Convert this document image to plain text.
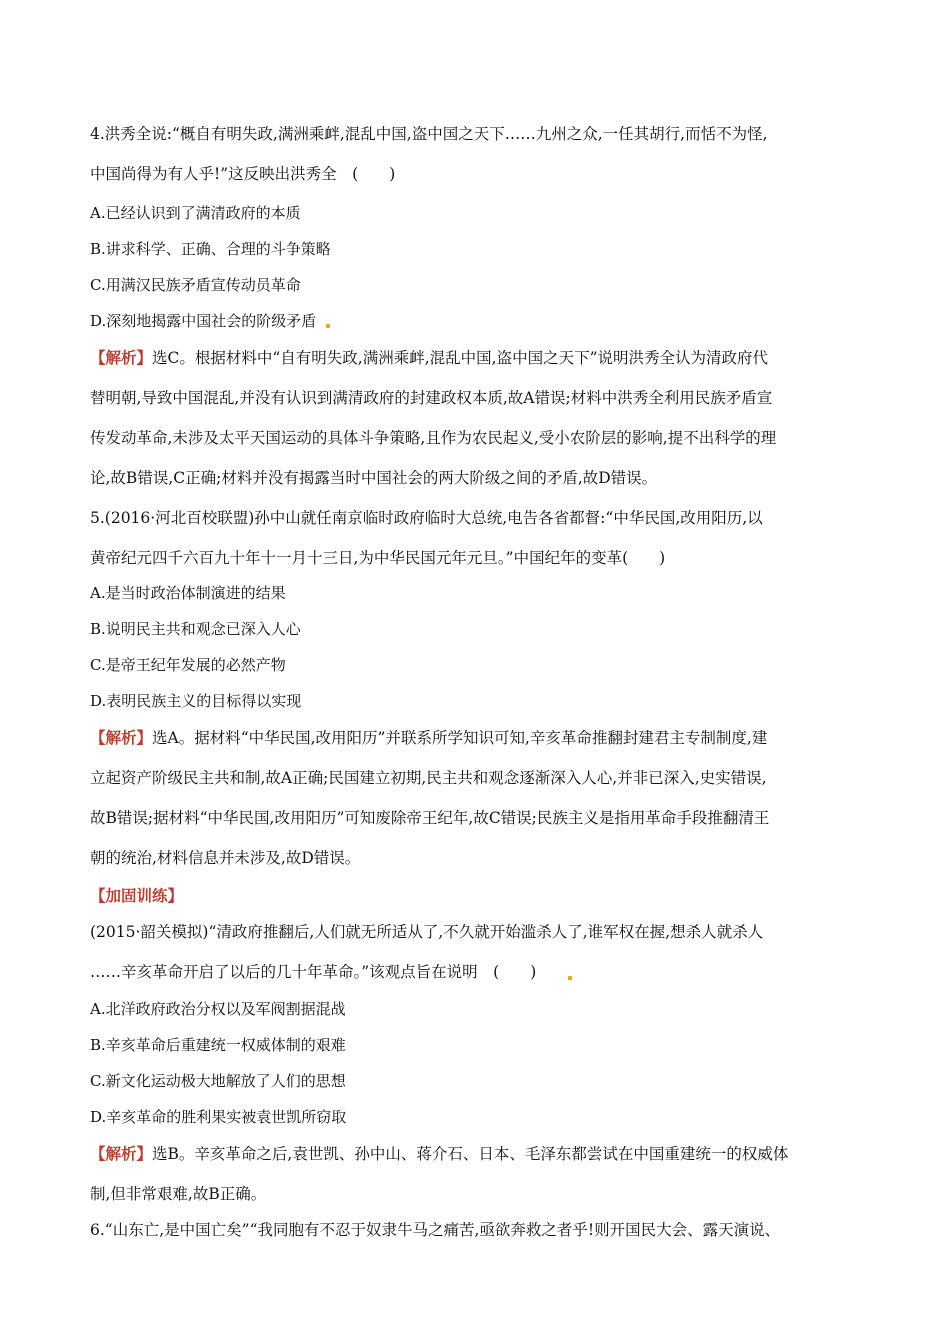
4.洪秀全说:“概自有明失政,满洲乘衅,混乱中国,盗中国之天下……九州之众,一任其胡行,而恬不为怪,
中国尚得为有人乎!”这反映出洪秀全　(　　)
A.已经认识到了满清政府的本质
B.讲求科学、正确、合理的斗争策略
C.用满汉民族矛盾宣传动员革命
D.深刻地揭露中国社会的阶级矛盾
【解析】选C。根据材料中“自有明失政,满洲乘衅,混乱中国,盗中国之天下”说明洪秀全认为清政府代
替明朝,导致中国混乱,并没有认识到满清政府的封建政权本质,故A错误;材料中洪秀全利用民族矛盾宣
传发动革命,未涉及太平天国运动的具体斗争策略,且作为农民起义,受小农阶层的影响,提不出科学的理
论,故B错误,C正确;材料并没有揭露当时中国社会的两大阶级之间的矛盾,故D错误。
5.(2016·河北百校联盟)孙中山就任南京临时政府临时大总统,电告各省都督:“中华民国,改用阳历,以
黄帝纪元四千六百九十年十一月十三日,为中华民国元年元旦。”中国纪年的变革(　　)
A.是当时政治体制演进的结果
B.说明民主共和观念已深入人心
C.是帝王纪年发展的必然产物
D.表明民族主义的目标得以实现
【解析】选A。据材料“中华民国,改用阳历”并联系所学知识可知,辛亥革命推翻封建君主专制制度,建
立起资产阶级民主共和制,故A正确;民国建立初期,民主共和观念逐渐深入人心,并非已深入,史实错误,
故B错误;据材料“中华民国,改用阳历”可知废除帝王纪年,故C错误;民族主义是指用革命手段推翻清王
朝的统治,材料信息并未涉及,故D错误。
【加固训练】
(2015·韶关模拟)“清政府推翻后,人们就无所适从了,不久就开始滥杀人了,谁军权在握,想杀人就杀人
……辛亥革命开启了以后的几十年革命。”该观点旨在说明　(　　)
A.北洋政府政治分权以及军阀割据混战
B.辛亥革命后重建统一权威体制的艰难
C.新文化运动极大地解放了人们的思想
D.辛亥革命的胜利果实被袁世凯所窃取
【解析】选B。辛亥革命之后,袁世凯、孙中山、蒋介石、日本、毛泽东都尝试在中国重建统一的权威体
制,但非常艰难,故B正确。
6.“山东亡,是中国亡矣”“我同胞有不忍于奴隶牛马之痛苦,亟欲奔救之者乎!则开国民大会、露天演说、
